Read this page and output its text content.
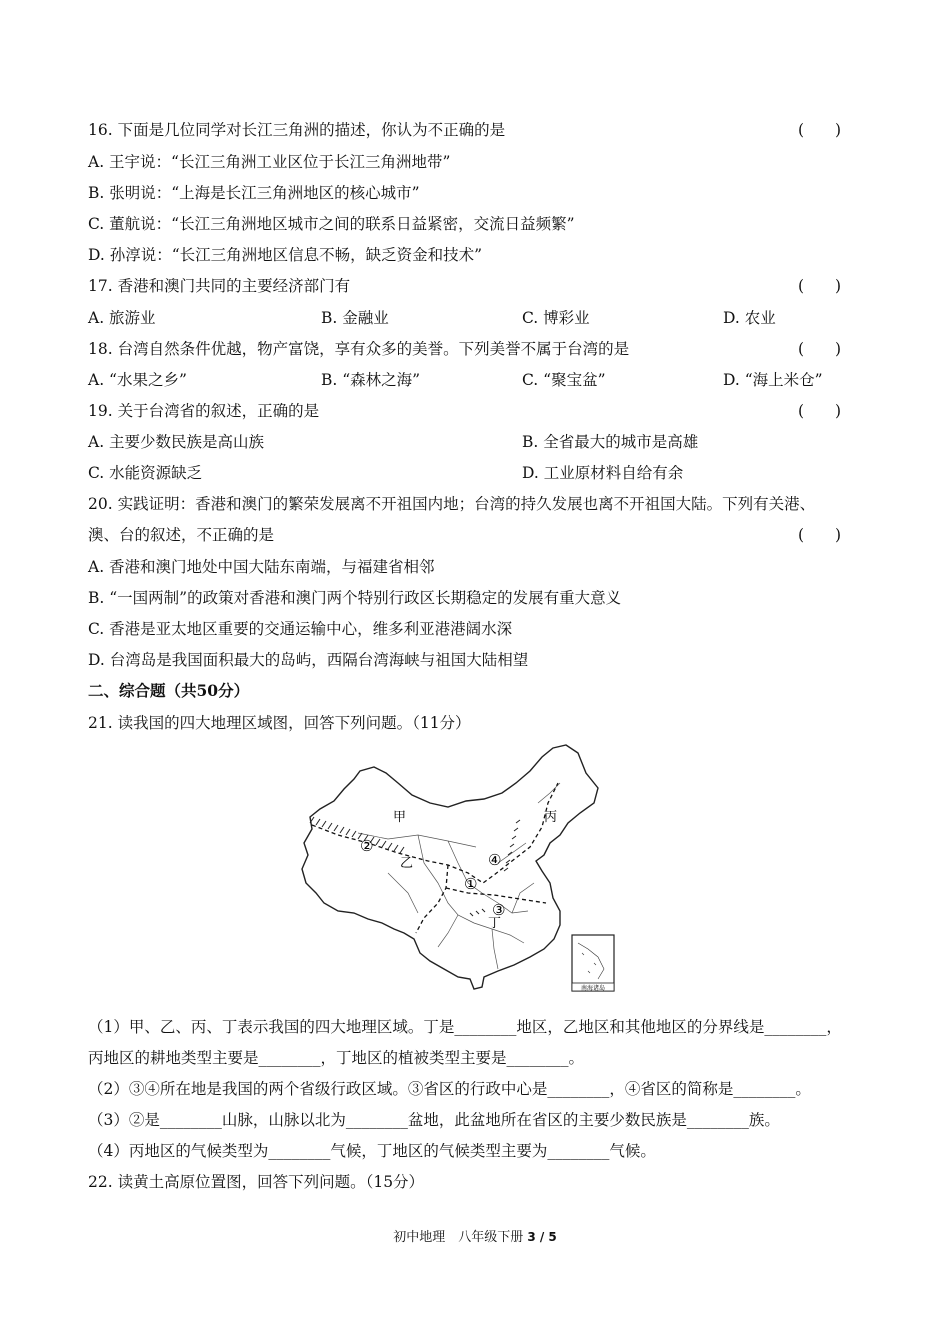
16. 下面是几位同学对长江三角洲的描述，你认为不正确的是	(　　)
A. 王宇说：“长江三角洲工业区位于长江三角洲地带”
B. 张明说：“上海是长江三角洲地区的核心城市”
C. 董航说：“长江三角洲地区城市之间的联系日益紧密，交流日益频繁”
D. 孙淳说：“长江三角洲地区信息不畅，缺乏资金和技术”
17. 香港和澳门共同的主要经济部门有	(　　)
A. 旅游业	B. 金融业	C. 博彩业	D. 农业
18. 台湾自然条件优越，物产富饶，享有众多的美誉。下列美誉不属于台湾的是	(　　)
A. “水果之乡”	B. “森林之海”	C. “聚宝盆”	D. “海上米仓”
19. 关于台湾省的叙述，正确的是	(　　)
A. 主要少数民族是高山族	B. 全省最大的城市是高雄
C. 水能资源缺乏	D. 工业原材料自给有余
20. 实践证明：香港和澳门的繁荣发展离不开祖国内地；台湾的持久发展也离不开祖国大陆。下列有关港、
澳、台的叙述，不正确的是	(　　)
A. 香港和澳门地处中国大陆东南端，与福建省相邻
B. “一国两制”的政策对香港和澳门两个特别行政区长期稳定的发展有重大意义
C. 香港是亚太地区重要的交通运输中心，维多利亚港港阔水深
D. 台湾岛是我国面积最大的岛屿，西隔台湾海峡与祖国大陆相望
二、综合题（共50分）
21. 读我国的四大地理区域图，回答下列问题。（11分）
甲
乙
丙
丁
①
②
③
④
南海诸岛
（1）甲、乙、丙、丁表示我国的四大地理区域。丁是________地区，乙地区和其他地区的分界线是________，
丙地区的耕地类型主要是________，丁地区的植被类型主要是________。
（2）③④所在地是我国的两个省级行政区域。③省区的行政中心是________，④省区的简称是________。
（3）②是________山脉，山脉以北为________盆地，此盆地所在省区的主要少数民族是________族。
（4）丙地区的气候类型为________气候，丁地区的气候类型主要为________气候。
22. 读黄土高原位置图，回答下列问题。（15分）
初中地理　八年级下册 3 / 5
